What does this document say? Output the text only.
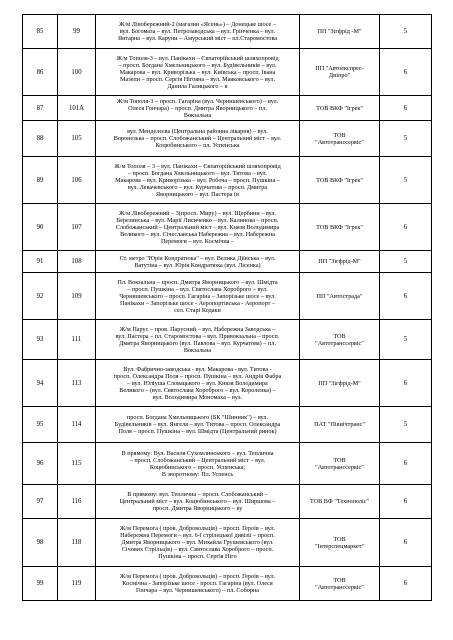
85	99	Ж/м Лівобережний-2 (магазин «Ясень») – Донецьке шосе –
вул. Богомаза – вул. Петрозаводська – вул. Грінченка – вул.
Янтарна – вул. Каруни – Амурський міст – пл.Старомостова	ПП "Зігфрід -М"	5
86	100	Ж/м Тополя-3 – вул. Панікахи – Євпаторійський шляхопровід
– просп. Богдана Хмельницького – вул. Будівельників – вул.
Макарова – вул. Криворізька – вул. Київська – просп. Івана
Мазепи – просп. Сергія Нігояна – вул. Маяковського – вул.
Данила Галицького – в	ПП "Автоекспрес-
Дніпро"	6
87	101А	Ж/м Тополя-3 – просп. Гагаріна (вул. Чернишевського) – вул.
Олеся Гончара) – просп. Дмитра Яворницького – пл.
Вокзальна	ТОВ ВКФ "Ігрек"	6
88	105	вул. Менделєєва (Центральна районна лікарня) – вул.
Воронезька – просп. Слобожанський – Центральний міст – вул.
Коцюбинського – пл. Успенська	ТОВ
"Автотранссервіс"	5
89	106	Ж/м Тополя – 3 – вул. Панікахи – Євпаторійський шляхопровід
– просп. Богдана Хмельницького – вул. Титова – вул.
Макарова – вул. Криворізька – вул. Робоча – просп. Пушкіна –
вул. Левачевського – вул. Курчатова – просп. Дмитра
Яворницького – вул. Пастера (в	ТОВ ВКФ "Ігрек"	5
90	107	Ж/м Лівобережний – 3(просп. Миру) – вул. Щербини – вул.
Березинська – вул. Марії Лисиченко – вул. Калинова – просп.
Слобожанський – Центральний міст – вул. Князя Володимира
Великого – вул. Січеславська Набережна – вул. Набережна
Перемоги – вул. Космічна –	ТОВ ВКФ "Ігрек"	6
91	108	Ст. метро "Юрія Кондратюка" – вул. Велика Діївська – вул.
Ватутіна – вул. Юрія Кондратюка (вул. Лісенка)	ПП "Зігфрід-М"	5
92	109	Пл. Вокзальна – просп. Дмитра Яворницького – вул. Шмідта
– просп. Пушкіна – вул. Святослава Хороброго – вул.
Чернишевського – просп. Гагаріна – Запорізьке шосе – вул.
Панікахи – Запорізьке шосе - Аеропортівська - Аеропорт –
сел. Старі Кодаки	ПП "Автострада"	6
93	111	Ж/м Парус – пров. Парусний – вул. Набережна Заводська –
вул. Пастера – пл. Старомостова – вул. Привокзальна – просп.
Дмитра Яворницького (вул. Павлова – вул. Курчатова) – пл.
Вокзальна	ТОВ
"Автотранссервіс"	5
94	113	Вул. Фабрично-заводська - вул. Макарова - вул. Титова -
просп. Олександра Поля – просп. Пушкіна – вул. Андрія Фабра
– вул. Юліуша Словацького – вул. Князя Володимира
Великого – (вул. Святослава Хороброго – вул. Короленка) –
вул. Володимира Мономаха – вул.	ПП "Зігфрід-М"	6
95	114	просп. Богдана Хмельницького (БК "Шинник") – вул.
Будівельників – вул. Янгеля – вул. Титова – просп. Олександра
Поля – просп. Пушкіна – вул. Шмідта (Центральний ринок)	ПАТ "Північтранс"	5
96	115	В прямому: Вул. Василя Сухомлинського – вул. Теплична
– просп. Слобожанський – Центральний міст – вул.
Коцюбинського – просп. Успенська;
В зворотному: Пл. Успенсь	ТОВ
"Автотранссервіс"	6
97	116	В прямому: вул. Теплична – просп. Слобожанський –
Центральний міст – вул. Коцюбинського – вул. Ширшова –
просп. Дмитра Яворницького – ву	ТОВ ВФ "Технополіс"	6
98	118	Ж/м Перемога ( пров. Добровольців) – просп. Героїв – вул.
Набережна Перемоги – вул. 6-ї стрілецької дивізії – просп.
Дмитра Яворницького – вул. Михайла Грушевського (вул.
Січових Стрільців) – вул. Святослава Хороброго – просп.
Пушкіна – просп. Сергія Ніго	ТОВ
"Інтерспецмаркет"	6
99	119	Ж/м Перемога ( пров. Добровольців) – просп. Героїв – вул.
Космічна - Запорізьке шосе - просп. Гагаріна (вул. Олеся
Гончара – вул. Чернишевського) – пл. Соборна	ТОВ
"Автотранссервіс"	6
